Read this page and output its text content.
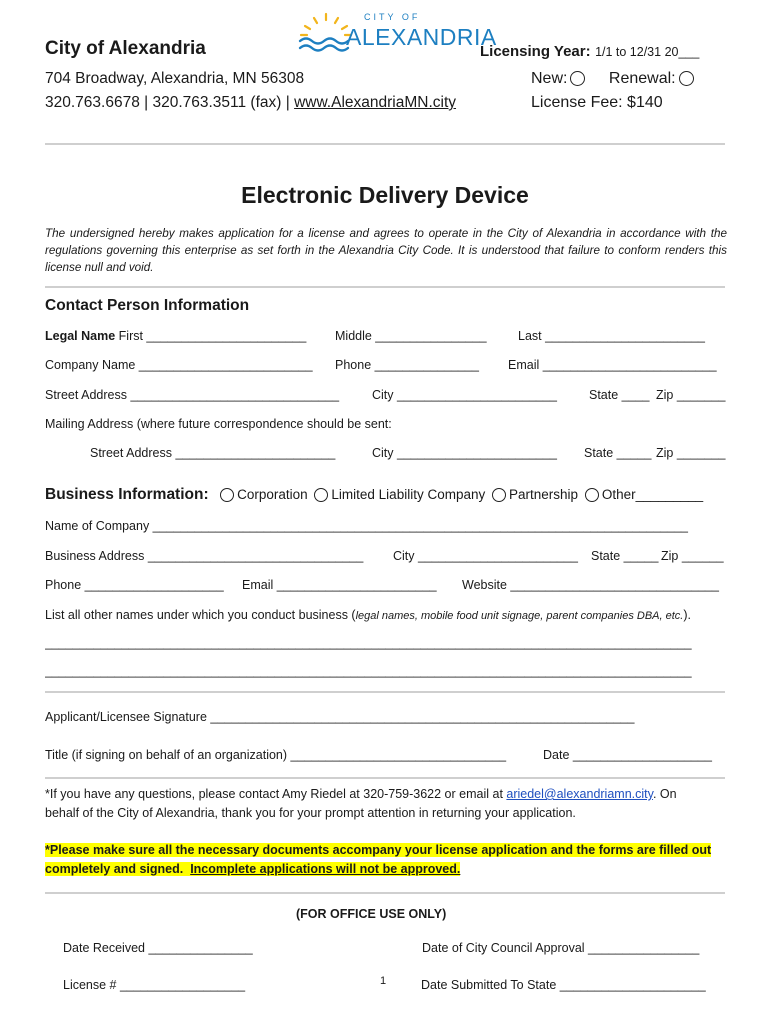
City of Alexandria
CITY OF
ALEXANDRIA
Licensing Year: 1/1 to 12/31 20___
704 Broadway, Alexandria, MN 56308
320.763.6678 | 320.763.3511 (fax) | www.AlexandriaMN.city
New:	Renewal:
License Fee: $140
Electronic Delivery Device
The undersigned hereby makes application for a license and agrees to operate in the City of Alexandria in accordance with the regulations governing this enterprise as set forth in the Alexandria City Code. It is understood that failure to conform renders this license null and void.
Contact Person Information
Legal Name First _______________________ Middle ________________	Last _______________________
Company Name _________________________ Phone _______________ Email _________________________
Street Address ______________________________	City _______________________	State ____ Zip _______
Mailing Address (where future correspondence should be sent:
Street Address _______________________	City _______________________ State _____ Zip _______
Business Information: Corporation Limited Liability Company Partnership Other_________
Name of Company _____________________________________________________________________________
Business Address _______________________________ City _______________________ State _____ Zip ______
Phone ____________________ Email _______________________ Website ______________________________
List all other names under which you conduct business (legal names, mobile food unit signage, parent companies DBA, etc.).
_____________________________________________________________________________________________
_____________________________________________________________________________________________
Applicant/Licensee Signature _____________________________________________________________
Title (if signing on behalf of an organization) _______________________________	Date ____________________
*If you have any questions, please contact Amy Riedel at 320-759-3622 or email at ariedel@alexandriamn.city. On
behalf of the City of Alexandria, thank you for your prompt attention in returning your application.
*Please make sure all the necessary documents accompany your license application and the forms are filled out
completely and signed. Incomplete applications will not be approved.
(FOR OFFICE USE ONLY)
Date Received _______________	Date of City Council Approval ________________
License # __________________	1	Date Submitted To State _____________________
